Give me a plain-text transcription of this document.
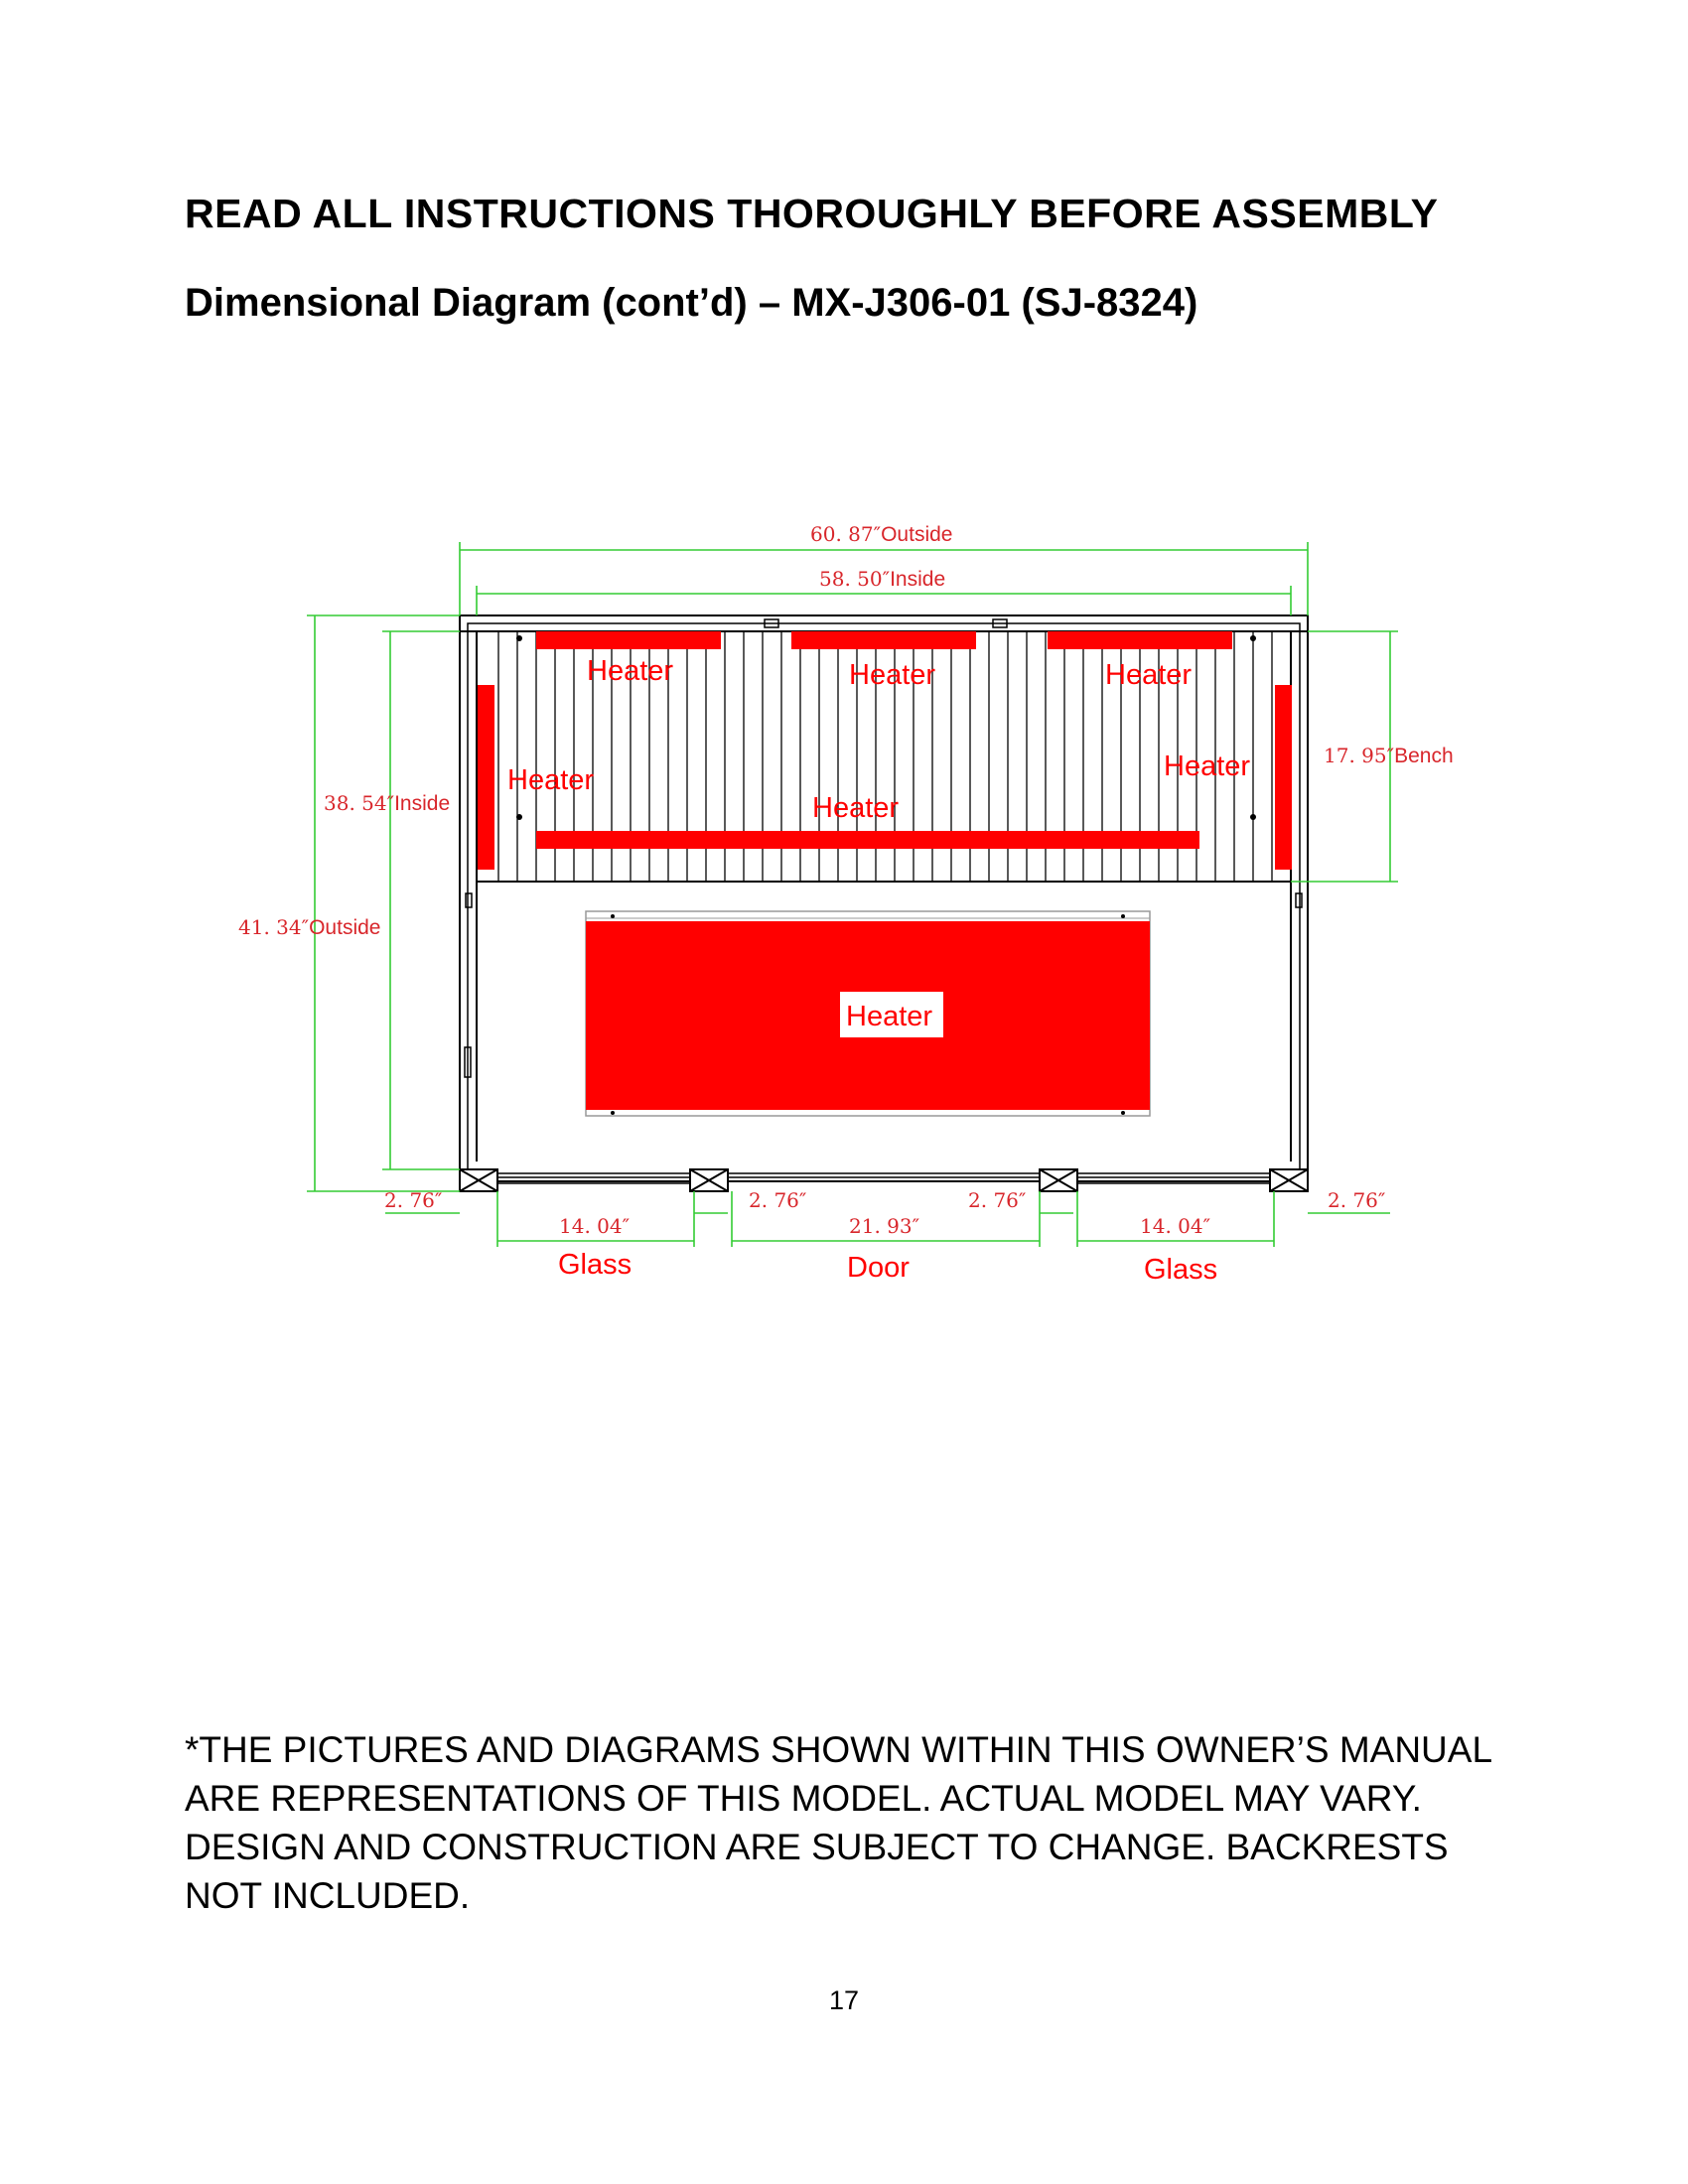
READ ALL INSTRUCTIONS THOROUGHLY BEFORE ASSEMBLY
Dimensional Diagram (cont’d) – MX-J306-01 (SJ-8324)
Heater	Heater	Heater
Heater	Heater
Heater
Heater
60. 87″Outside
58. 50″Inside
38. 54″Inside
41. 34″Outside
17. 95″Bench
2. 76″	2. 76″	2. 76″	2. 76″
14. 04″	21. 93″	14. 04″
Glass	Door	Glass

*THE PICTURES AND DIAGRAMS SHOWN WITHIN THIS OWNER’S MANUAL ARE REPRESENTATIONS OF THIS MODEL. ACTUAL MODEL MAY VARY. DESIGN AND CONSTRUCTION ARE SUBJECT TO CHANGE. BACKRESTS NOT INCLUDED.

17
